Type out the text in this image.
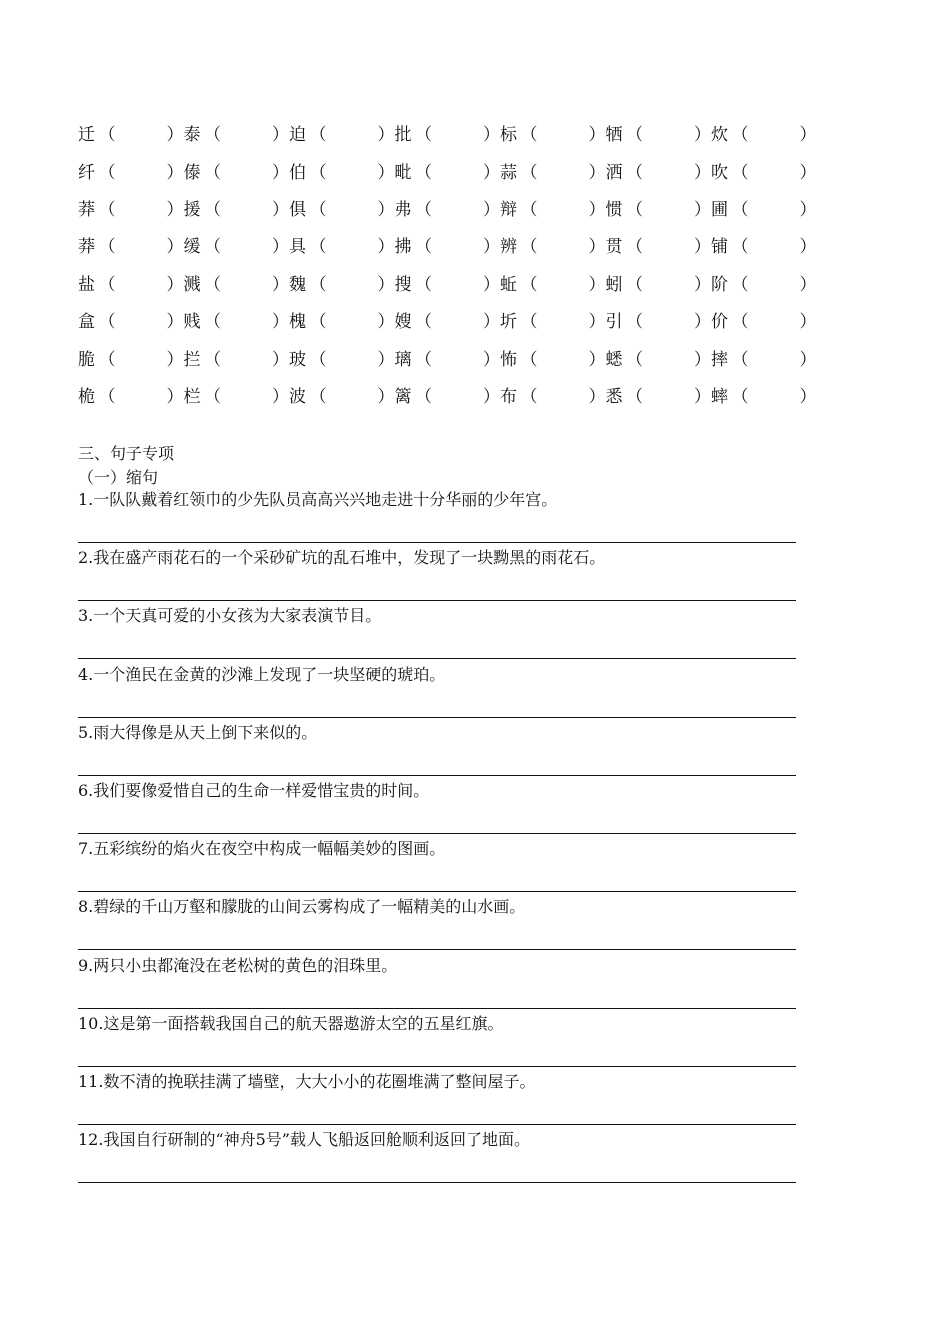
迁 （　　　） 泰 （　　　） 迫 （　　　） 批 （　　　） 标 （　　　） 牺 （　　　） 炊 （　　　）
纤 （　　　） 傣 （　　　） 伯 （　　　） 毗 （　　　） 蒜 （　　　） 洒 （　　　） 吹 （　　　）
莽 （　　　） 援 （　　　） 俱 （　　　） 弗 （　　　） 辩 （　　　） 惯 （　　　） 圃 （　　　）
莽 （　　　） 缓 （　　　） 具 （　　　） 拂 （　　　） 辨 （　　　） 贯 （　　　） 铺 （　　　）
盐 （　　　） 溅 （　　　） 魏 （　　　） 搜 （　　　） 蚯 （　　　） 蚓 （　　　） 阶 （　　　）
盒 （　　　） 贱 （　　　） 槐 （　　　） 嫂 （　　　） 圻 （　　　） 引 （　　　） 价 （　　　）
脆 （　　　） 拦 （　　　） 玻 （　　　） 璃 （　　　） 怖 （　　　） 蟋 （　　　） 摔 （　　　）
桅 （　　　） 栏 （　　　） 波 （　　　） 篱 （　　　） 布 （　　　） 悉 （　　　） 蟀 （　　　）
三、句子专项
（一）缩句
1.一队队戴着红领巾的少先队员高高兴兴地走进十分华丽的少年宫。
2.我在盛产雨花石的一个采砂矿坑的乱石堆中，发现了一块黝黑的雨花石。
3.一个天真可爱的小女孩为大家表演节目。
4.一个渔民在金黄的沙滩上发现了一块坚硬的琥珀。
5.雨大得像是从天上倒下来似的。
6.我们要像爱惜自己的生命一样爱惜宝贵的时间。
7.五彩缤纷的焰火在夜空中构成一幅幅美妙的图画。
8.碧绿的千山万壑和朦胧的山间云雾构成了一幅精美的山水画。
9.两只小虫都淹没在老松树的黄色的泪珠里。
10.这是第一面搭载我国自己的航天器遨游太空的五星红旗。
11.数不清的挽联挂满了墙壁，大大小小的花圈堆满了整间屋子。
12.我国自行研制的“神舟5号”载人飞船返回舱顺利返回了地面。
